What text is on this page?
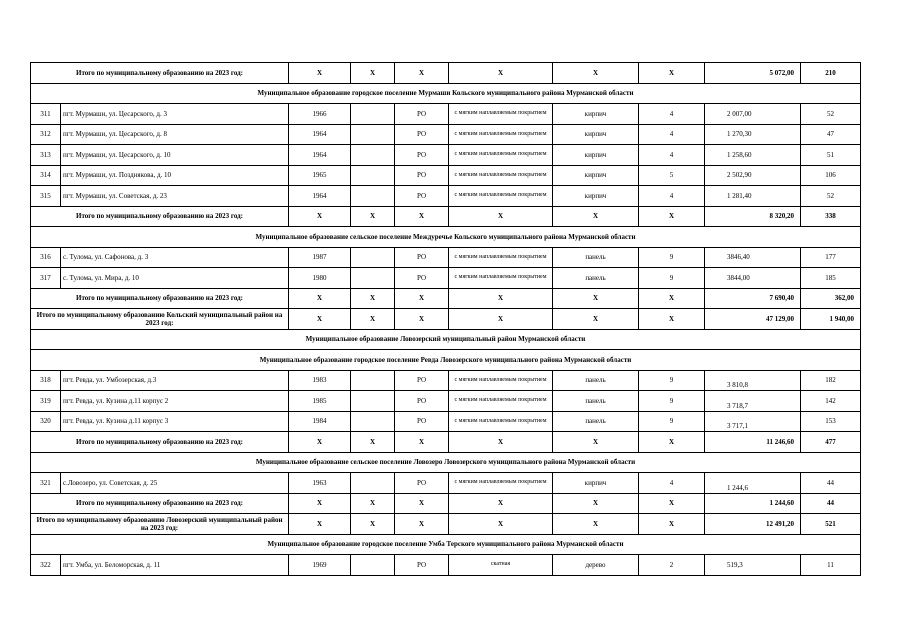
Итого по муниципальному образованию на 2023 год:		X	X	X	X	X	X	5 072,00	210
Муниципальное образование городское поселение Мурмаши Кольского муниципального района Мурманской области									
311	пгт. Мурмаши, ул. Цесарского, д. 3	1966		РО	с мягким наплавляемым покрытием	кирпич	4	2 007,00	52
312	пгт. Мурмаши, ул. Цесарского, д. 8	1964		РО	с мягким наплавляемым покрытием	кирпич	4	1 270,30	47
313	пгт. Мурмаши, ул. Цесарского, д. 10	1964		РО	с мягким наплавляемым покрытием	кирпич	4	1 258,60	51
314	пгт. Мурмаши, ул. Позднякова, д. 10	1965		РО	с мягким наплавляемым покрытием	кирпич	5	2 502,90	106
315	пгт. Мурмаши, ул. Советская, д. 23	1964		РО	с мягким наплавляемым покрытием	кирпич	4	1 281,40	52
Итого по муниципальному образованию на 2023 год:		X	X	X	X	X	X	8 320,20	338
Муниципальное образование сельское поселение Междуречье Кольского муниципального района Мурманской области									
316	с. Тулома, ул. Сафонова, д. 3	1987		РО	с мягким наплавляемым покрытием	панель	9	3846,40	177
317	с. Тулома, ул. Мира, д. 10	1980		РО	с мягким наплавляемым покрытием	панель	9	3844,00	185
Итого по муниципальному образованию на 2023 год:		X	X	X	X	X	X	7 690,40	362,00
Итого по муниципальному образованию Кольский муниципальный район на 2023 год:		X	X	X	X	X	X	47 129,00	1 940,00
Муниципальное образование Ловозерский муниципальный район Мурманской области									
Муниципальное образование городское поселение Ревда Ловозерского муниципального района Мурманской области									
318	пгт. Ревда, ул. Умбозерская, д.3	1983		РО	с мягким наплавляемым покрытием	панель	9	3 810,8	182
319	пгт. Ревда, ул. Кузина д.11 корпус 2	1985		РО	с мягким наплавляемым покрытием	панель	9	3 718,7	142
320	пгт. Ревда, ул. Кузина д.11 корпус 3	1984		РО	с мягким наплавляемым покрытием	панель	9	3 717,1	153
Итого по муниципальному образованию на 2023 год:		X	X	X	X	X	X	11 246,60	477
Муниципальное образование сельское поселение Ловозеро Ловозерского муниципального района Мурманской области									
321	с.Ловозеро, ул. Советская, д. 25	1963		РО	с мягким наплавляемым покрытием	кирпич	4	1 244,6	44
Итого по муниципальному образованию на 2023 год:		X	X	X	X	X	X	1 244,60	44
Итого по муниципальному образованию Ловозерский муниципальный район на 2023 год:		X	X	X	X	X	X	12 491,20	521
Муниципальное образование городское поселение Умба Терского муниципального района Мурманской области									
322	пгт. Умба, ул. Беломорская, д. 11	1969		РО	скатная	дерево	2	519,3	11
